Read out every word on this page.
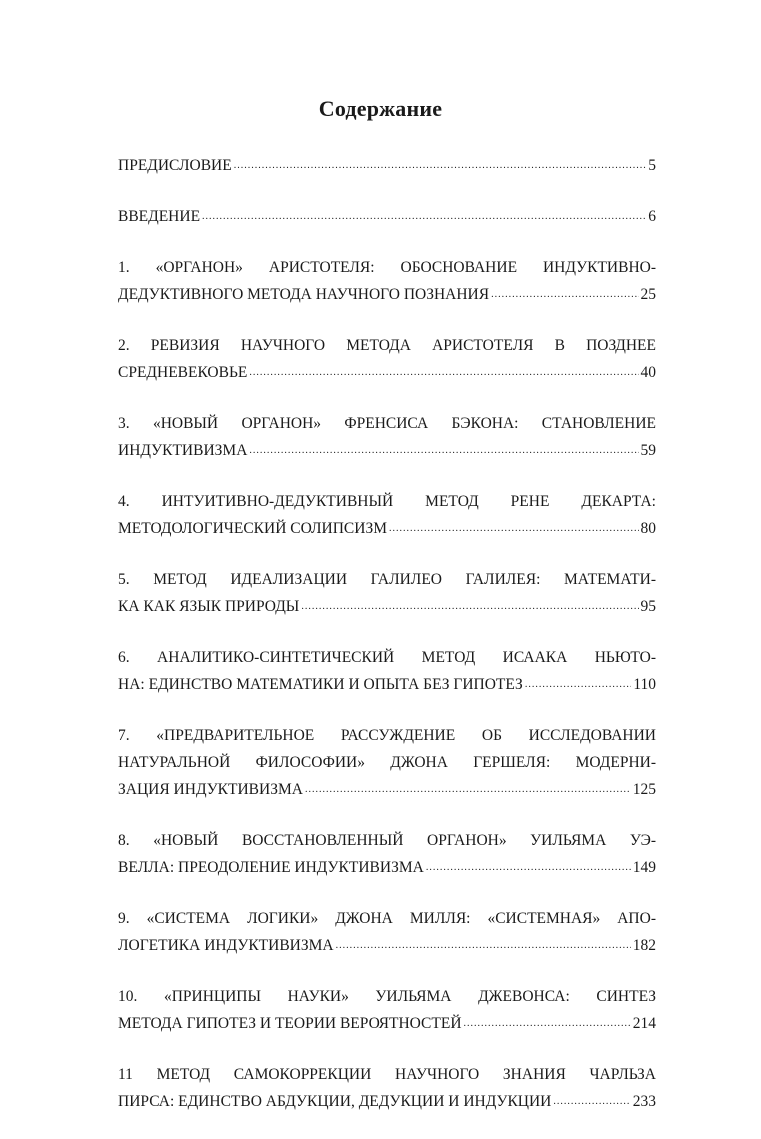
Содержание
ПРЕДИСЛОВИЕ .....	5
ВВЕДЕНИЕ .....	6
1. «ОРГАНОН» АРИСТОТЕЛЯ: ОБОСНОВАНИЕ ИНДУКТИВНО-
ДЕДУКТИВНОГО МЕТОДА НАУЧНОГО ПОЗНАНИЯ .....	25
2. РЕВИЗИЯ НАУЧНОГО МЕТОДА АРИСТОТЕЛЯ В ПОЗДНЕЕ
СРЕДНЕВЕКОВЬЕ .....	40
3. «НОВЫЙ ОРГАНОН» ФРЕНСИСА БЭКОНА: СТАНОВЛЕНИЕ
ИНДУКТИВИЗМА .....	59
4. ИНТУИТИВНО-ДЕДУКТИВНЫЙ МЕТОД РЕНЕ ДЕКАРТА:
МЕТОДОЛОГИЧЕСКИЙ СОЛИПСИЗМ .....	80
5. МЕТОД ИДЕАЛИЗАЦИИ ГАЛИЛЕО ГАЛИЛЕЯ: МАТЕМАТИ-
КА КАК ЯЗЫК ПРИРОДЫ .....	95
6. АНАЛИТИКО-СИНТЕТИЧЕСКИЙ МЕТОД ИСААКА НЬЮТО-
НА: ЕДИНСТВО МАТЕМАТИКИ И ОПЫТА БЕЗ ГИПОТЕЗ .....	110
7. «ПРЕДВАРИТЕЛЬНОЕ РАССУЖДЕНИЕ ОБ ИССЛЕДОВАНИИ
НАТУРАЛЬНОЙ ФИЛОСОФИИ» ДЖОНА ГЕРШЕЛЯ: МОДЕРНИ-
ЗАЦИЯ ИНДУКТИВИЗМА .....	125
8. «НОВЫЙ ВОССТАНОВЛЕННЫЙ ОРГАНОН» УИЛЬЯМА УЭ-
ВЕЛЛА: ПРЕОДОЛЕНИЕ ИНДУКТИВИЗМА .....	149
9. «СИСТЕМА ЛОГИКИ» ДЖОНА МИЛЛЯ: «СИСТЕМНАЯ» АПО-
ЛОГЕТИКА ИНДУКТИВИЗМА .....	182
10. «ПРИНЦИПЫ НАУКИ» УИЛЬЯМА ДЖЕВОНСА: СИНТЕЗ
МЕТОДА ГИПОТЕЗ И ТЕОРИИ ВЕРОЯТНОСТЕЙ .....	214
11 МЕТОД САМОКОРРЕКЦИИ НАУЧНОГО ЗНАНИЯ ЧАРЛЬЗА
ПИРСА: ЕДИНСТВО АБДУКЦИИ, ДЕДУКЦИИ И ИНДУКЦИИ .....	233
